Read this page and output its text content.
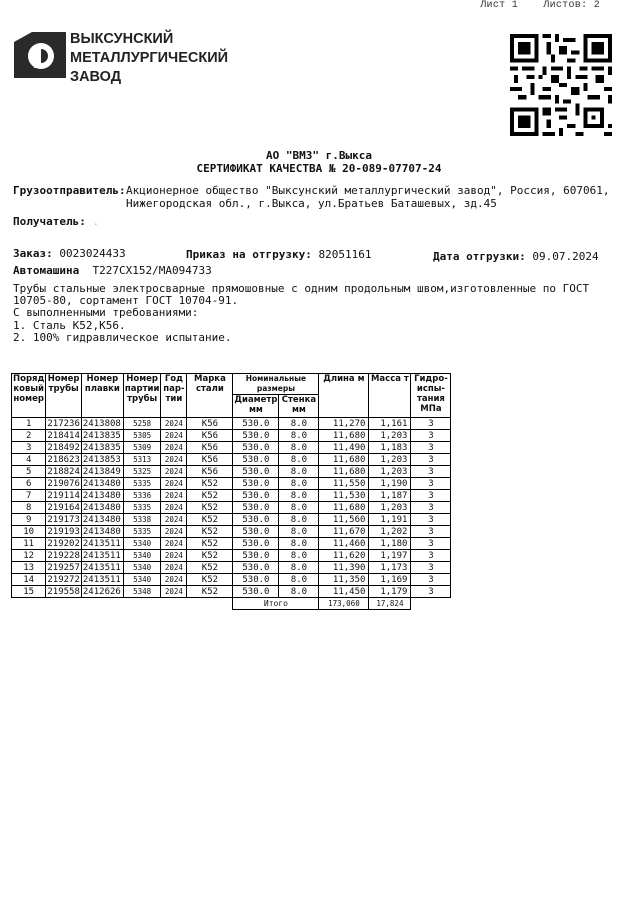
Лист 1	Листов: 2
ВЫКСУНСКИЙ
МЕТАЛЛУРГИЧЕСКИЙ
ЗАВОД
АО "ВМЗ" г.Выкса
СЕРТИФИКАТ КАЧЕСТВА № 20-089-07707-24
Грузоотправитель: Акционерное общество "Выксунский металлургический завод", Россия, 607061,
Нижегородская обл., г.Выкса, ул.Братьев Баташевых, зд.45
Получатель: .
Заказ: 0023024433	Приказ на отгрузку: 82051161	Дата отгрузки: 09.07.2024
Автомашина Т227СХ152/МА094733
Трубы стальные электросварные прямошовные с одним продольным швом,изготовленные по ГОСТ
10705-80, сортамент ГОСТ 10704-91.
С выполненными требованиями:
1. Сталь К52,К56.
2. 100% гидравлическое испытание.
Поряд ковый номер	Номер трубы	Номер плавки	Номер партии трубы	Год пар- тии	Марка стали	Номинальные размеры		Длина м	Масса т	Гидро- испы- тания МПа
						Диаметр мм	Стенка мм			
1	217236	2413808	5258	2024	К56	530.0	8.0	11,270	1,161	3
2	218414	2413835	5305	2024	К56	530.0	8.0	11,680	1,203	3
3	218492	2413835	5309	2024	К56	530.0	8.0	11,490	1,183	3
4	218623	2413853	5313	2024	К56	530.0	8.0	11,680	1,203	3
5	218824	2413849	5325	2024	К56	530.0	8.0	11,680	1,203	3
6	219076	2413480	5335	2024	К52	530.0	8.0	11,550	1,190	3
7	219114	2413480	5336	2024	К52	530.0	8.0	11,530	1,187	3
8	219164	2413480	5335	2024	К52	530.0	8.0	11,680	1,203	3
9	219173	2413480	5338	2024	К52	530.0	8.0	11,560	1,191	3
10	219193	2413480	5335	2024	К52	530.0	8.0	11,670	1,202	3
11	219202	2413511	5340	2024	К52	530.0	8.0	11,460	1,180	3
12	219228	2413511	5340	2024	К52	530.0	8.0	11,620	1,197	3
13	219257	2413511	5340	2024	К52	530.0	8.0	11,390	1,173	3
14	219272	2413511	5340	2024	К52	530.0	8.0	11,350	1,169	3
15	219558	2412626	5348	2024	К52	530.0	8.0	11,450	1,179	3
						Итого		173,060	17,824	
